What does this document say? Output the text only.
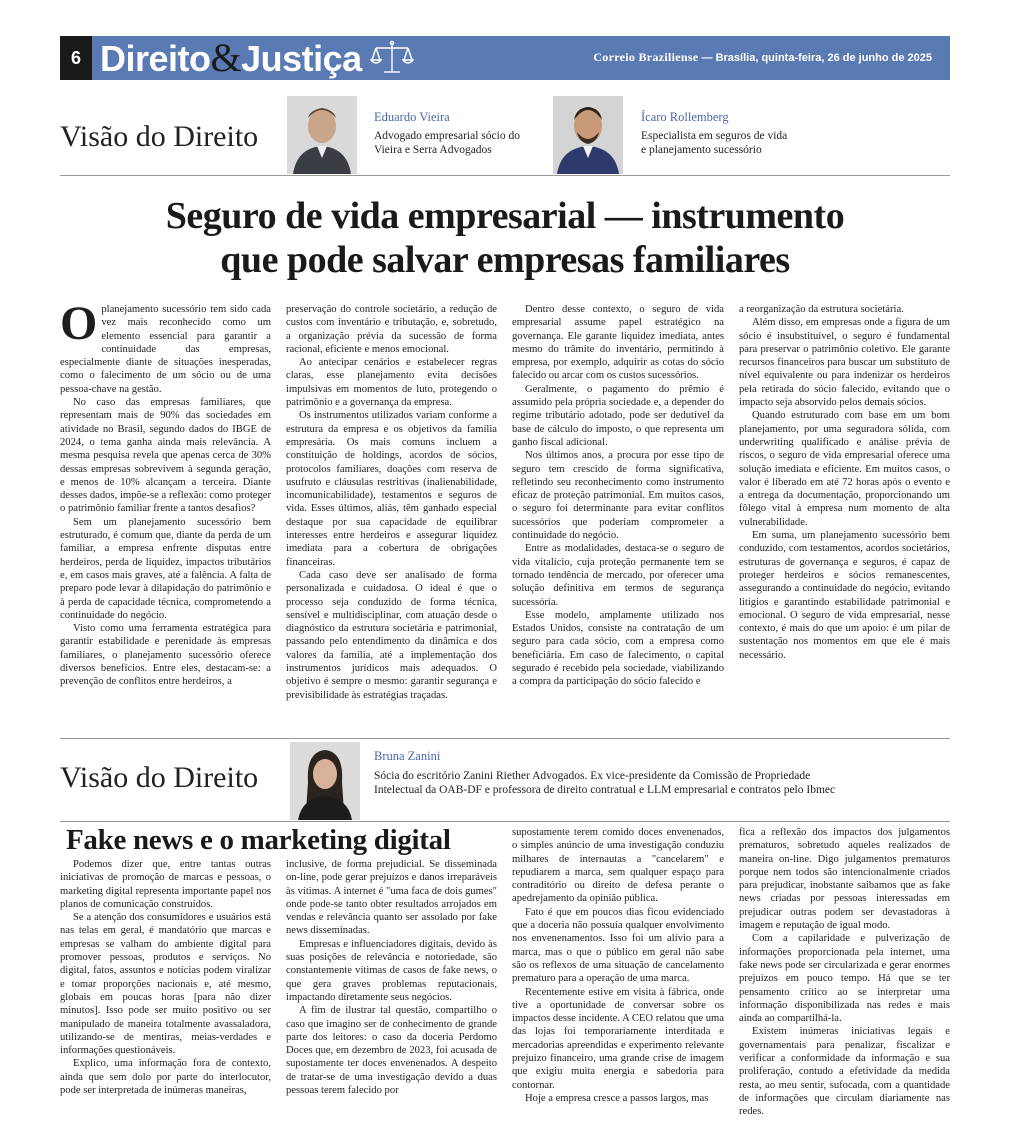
6 Direito&Justiça	Correio Braziliense — Brasília, quinta-feira, 26 de junho de 2025
Visão do Direito
Eduardo Vieira
Advogado empresarial sócio do
Vieira e Serra Advogados
Ícaro Rollemberg
Especialista em seguros de vida
e planejamento sucessório
Seguro de vida empresarial — instrumento
que pode salvar empresas familiares

Oplanejamento sucessório tem sido cada vez mais reconhecido como um elemento essencial para garantir a continuidade das empresas, especialmente diante de situações inesperadas, como o falecimento de um sócio ou de uma pessoa-chave na gestão.

No caso das empresas familiares, que representam mais de 90% das sociedades em atividade no Brasil, segundo dados do IBGE de 2024, o tema ganha ainda mais relevância. A mesma pesquisa revela que apenas cerca de 30% dessas empresas sobrevivem à segunda geração, e menos de 10% alcançam a terceira. Diante desses dados, impõe-se a reflexão: como proteger o patrimônio familiar frente a tantos desafios?

Sem um planejamento sucessório bem estruturado, é comum que, diante da perda de um familiar, a empresa enfrente disputas entre herdeiros, perda de liquidez, impactos tributários e, em casos mais graves, até a falência. A falta de preparo pode levar à dilapidação do patrimônio e à perda de capacidade técnica, comprometendo a continuidade do negócio.

Visto como uma ferramenta estratégica para garantir estabilidade e perenidade às empresas familiares, o planejamento sucessório oferece diversos benefícios. Entre eles, destacam-se: a prevenção de conflitos entre herdeiros, a

preservação do controle societário, a redução de custos com inventário e tributação, e, sobretudo, a organização prévia da sucessão de forma racional, eficiente e menos emocional.

Ao antecipar cenários e estabelecer regras claras, esse planejamento evita decisões impulsivas em momentos de luto, protegendo o patrimônio e a governança da empresa.

Os instrumentos utilizados variam conforme a estrutura da empresa e os objetivos da família empresária. Os mais comuns incluem a constituição de holdings, acordos de sócios, protocolos familiares, doações com reserva de usufruto e cláusulas restritivas (inalienabilidade, incomunicabilidade), testamentos e seguros de vida. Esses últimos, aliás, têm ganhado especial destaque por sua capacidade de equilibrar interesses entre herdeiros e assegurar liquidez imediata para a cobertura de obrigações financeiras.

Cada caso deve ser analisado de forma personalizada e cuidadosa. O ideal é que o processo seja conduzido de forma técnica, sensível e multidisciplinar, com atuação desde o diagnóstico da estrutura societária e patrimonial, passando pelo entendimento da dinâmica e dos valores da família, até a implementação dos instrumentos jurídicos mais adequados. O objetivo é sempre o mesmo: garantir segurança e previsibilidade às estratégias traçadas.

Dentro desse contexto, o seguro de vida empresarial assume papel estratégico na governança. Ele garante liquidez imediata, antes mesmo do trâmite do inventário, permitindo à empresa, por exemplo, adquirir as cotas do sócio falecido ou arcar com os custos sucessórios.

Geralmente, o pagamento do prêmio é assumido pela própria sociedade e, a depender do regime tributário adotado, pode ser dedutível da base de cálculo do imposto, o que representa um ganho fiscal adicional.

Nos últimos anos, a procura por esse tipo de seguro tem crescido de forma significativa, refletindo seu reconhecimento como instrumento eficaz de proteção patrimonial. Em muitos casos, o seguro foi determinante para evitar conflitos sucessórios que poderiam comprometer a continuidade do negócio.

Entre as modalidades, destaca-se o seguro de vida vitalício, cuja proteção permanente tem se tornado tendência de mercado, por oferecer uma solução definitiva em termos de segurança sucessória.

Esse modelo, amplamente utilizado nos Estados Unidos, consiste na contratação de um seguro para cada sócio, com a empresa como beneficiária. Em caso de falecimento, o capital segurado é recebido pela sociedade, viabilizando a compra da participação do sócio falecido e

a reorganização da estrutura societária.

Além disso, em empresas onde a figura de um sócio é insubstituível, o seguro é fundamental para preservar o patrimônio coletivo. Ele garante recursos financeiros para buscar um substituto de nível equivalente ou para indenizar os herdeiros pela retirada do sócio falecido, evitando que o impacto seja absorvido pelos demais sócios.

Quando estruturado com base em um bom planejamento, por uma seguradora sólida, com underwriting qualificado e análise prévia de riscos, o seguro de vida empresarial oferece uma solução imediata e eficiente. Em muitos casos, o valor é liberado em até 72 horas após o evento e a entrega da documentação, proporcionando um fôlego vital à empresa num momento de alta vulnerabilidade.

Em suma, um planejamento sucessório bem conduzido, com testamentos, acordos societários, estruturas de governança e seguros, é capaz de proteger herdeiros e sócios remanescentes, assegurando a continuidade do negócio, evitando litígios e garantindo estabilidade patrimonial e emocional. O seguro de vida empresarial, nesse contexto, é mais do que um apoio: é um pilar de sustentação nos momentos em que ele é mais necessário.

Visão do Direito
Bruna Zanini
Sócia do escritório Zanini Riether Advogados. Ex vice-presidente da Comissão de Propriedade
Intelectual da OAB-DF e professora de direito contratual e LLM empresarial e contratos pelo Ibmec
Fake news e o marketing digital

Podemos dizer que, entre tantas outras iniciativas de promoção de marcas e pessoas, o marketing digital representa importante papel nos planos de comunicação construídos.

Se a atenção dos consumidores e usuários está nas telas em geral, é mandatório que marcas e empresas se valham do ambiente digital para promover pessoas, produtos e serviços. No digital, fatos, assuntos e notícias podem viralizar e tomar proporções nacionais e, até mesmo, globais em poucas horas [para não dizer minutos]. Isso pode ser muito positivo ou ser manipulado de maneira totalmente avassaladora, utilizando-se de mentiras, meias-verdades e informações questionáveis.

Explico, uma informação fora de contexto, ainda que sem dolo por parte do interlocutor, pode ser interpretada de inúmeras maneiras,

inclusive, de forma prejudicial. Se disseminada on-line, pode gerar prejuízos e danos irreparáveis às vítimas. A internet é "uma faca de dois gumes" onde pode-se tanto obter resultados arrojados em vendas e relevância quanto ser assolado por fake news disseminadas.

Empresas e influenciadores digitais, devido às suas posições de relevância e notoriedade, são constantemente vítimas de casos de fake news, o que gera graves problemas reputacionais, impactando diretamente seus negócios.

A fim de ilustrar tal questão, compartilho o caso que imagino ser de conhecimento de grande parte dos leitores: o caso da doceria Perdomo Doces que, em dezembro de 2023, foi acusada de supostamente ter doces envenenados. A despeito de tratar-se de uma investigação devido a duas pessoas terem falecido por

supostamente terem comido doces envenenados, o simples anúncio de uma investigação conduziu milhares de internautas a "cancelarem" e repudiarem a marca, sem qualquer espaço para contraditório ou direito de defesa perante o apedrejamento da opinião pública.

Fato é que em poucos dias ficou evidenciado que a doceria não possuía qualquer envolvimento nos envenenamentos. Isso foi um alívio para a marca, mas o que o público em geral não sabe são os reflexos de uma situação de cancelamento prematuro para a operação de uma marca.

Recentemente estive em visita à fábrica, onde tive a oportunidade de conversar sobre os impactos desse incidente. A CEO relatou que uma das lojas foi temporariamente interditada e mercadorias apreendidas e experimento relevante prejuízo financeiro, uma grande crise de imagem que exigiu muita energia e sabedoria para contornar.

Hoje a empresa cresce a passos largos, mas

fica a reflexão dos impactos dos julgamentos prematuros, sobretudo aqueles realizados de maneira on-line. Digo julgamentos prematuros porque nem todos são intencionalmente criados para prejudicar, inobstante saibamos que as fake news criadas por pessoas interessadas em prejudicar outras podem ser devastadoras à imagem e reputação de igual modo.

Com a capilaridade e pulverização de informações proporcionada pela internet, uma fake news pode ser circularizada e gerar enormes prejuízos em pouco tempo. Há que se ter pensamento crítico ao se interpretar uma informação disponibilizada nas redes e mais ainda ao compartilhá-la.

Existem inúmeras iniciativas legais e governamentais para penalizar, fiscalizar e verificar a conformidade da informação e sua proliferação, contudo a efetividade da medida resta, ao meu sentir, sufocada, com a quantidade de informações que circulam diariamente nas redes.
